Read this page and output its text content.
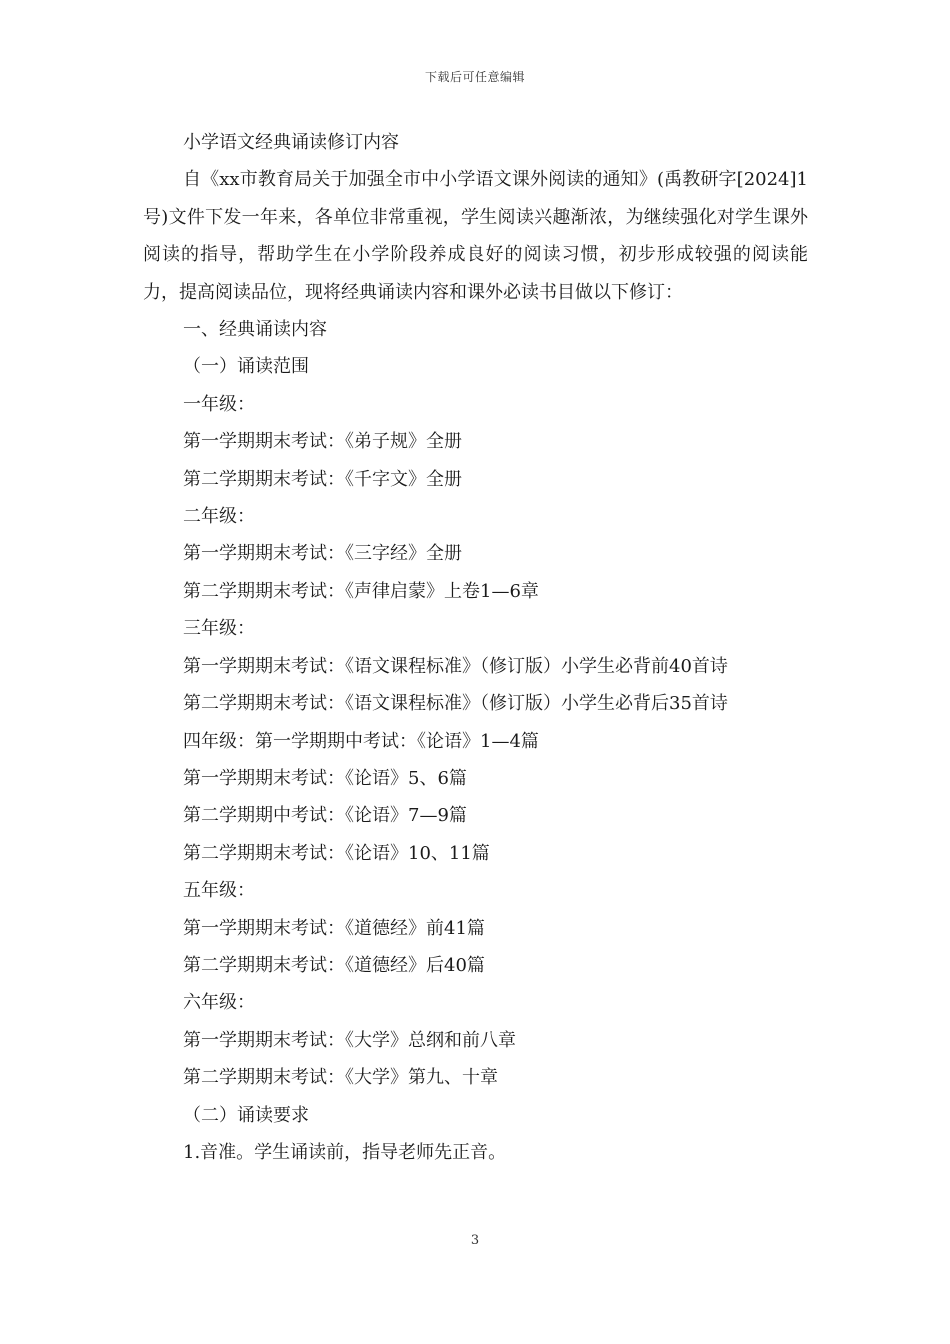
下载后可任意编辑

小学语文经典诵读修订内容

自《xx市教育局关于加强全市中小学语文课外阅读的通知》(禹教研字[2024]1号)文件下发一年来，各单位非常重视，学生阅读兴趣渐浓，为继续强化对学生课外阅读的指导，帮助学生在小学阶段养成良好的阅读习惯，初步形成较强的阅读能力，提高阅读品位，现将经典诵读内容和课外必读书目做以下修订：

一、经典诵读内容

（一）诵读范围

一年级：

第一学期期末考试：《弟子规》全册

第二学期期末考试：《千字文》全册

二年级：

第一学期期末考试：《三字经》全册

第二学期期末考试：《声律启蒙》上卷1—6章

三年级：

第一学期期末考试：《语文课程标准》（修订版）小学生必背前40首诗

第二学期期末考试：《语文课程标准》（修订版）小学生必背后35首诗

四年级：第一学期期中考试：《论语》1—4篇

第一学期期末考试：《论语》5、6篇

第二学期期中考试：《论语》7—9篇

第二学期期末考试：《论语》10、11篇

五年级：

第一学期期末考试：《道德经》前41篇

第二学期期末考试：《道德经》后40篇

六年级：

第一学期期末考试：《大学》总纲和前八章

第二学期期末考试：《大学》第九、十章

（二）诵读要求

1.音准。学生诵读前，指导老师先正音。

3
